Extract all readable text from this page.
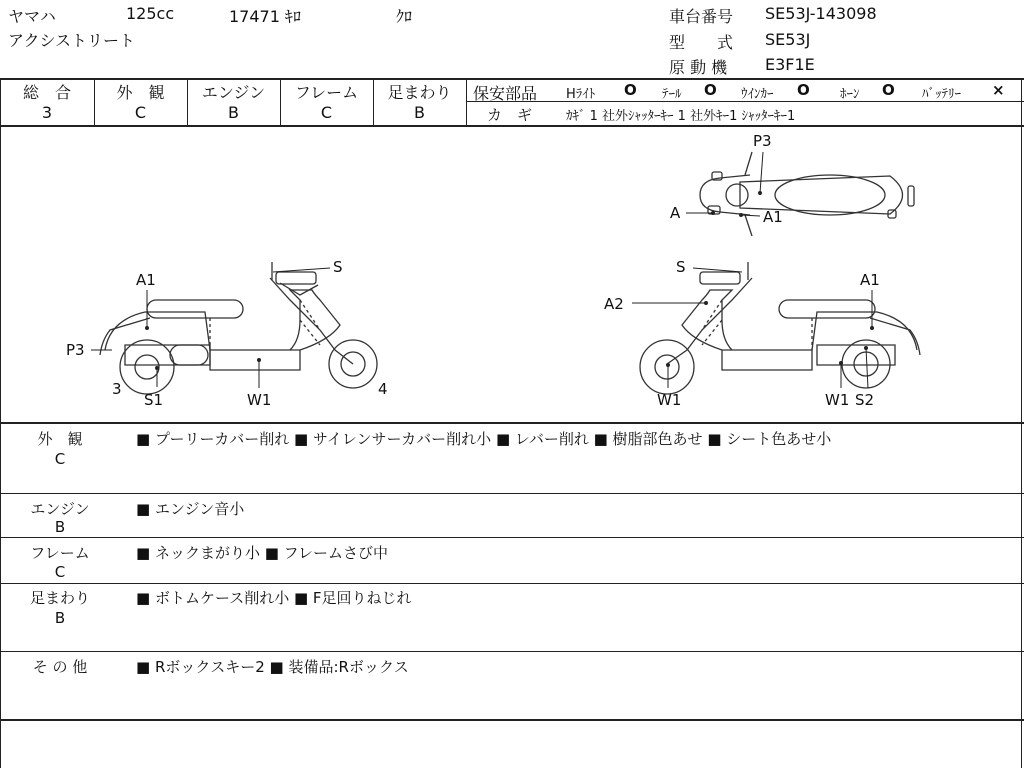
ヤマハ	125cc	17471 ｷﾛ	ｸﾛ
アクシストリート
車台番号 SE53J-143098
型　　式 SE53J
原 動 機 E3F1E
総　合
3
外　観
C
エンジン
B
フレーム
C
足まわり
B
保安部品 Hﾗｲﾄ O ﾃｰﾙ O ｳｲﾝｶｰ O ﾎｰﾝ O ﾊﾞｯﾃﾘｰ ×
カ　ギ	ｶｷﾞ 1 社外ｼｬｯﾀｰｷｰ 1 社外ｷｰ1 ｼｬｯﾀｰｷｰ1
A1
P3
S
3
S1	W1
4
S
A1
A2
W1	W1 S2
P3
A	A1
外　観
C
■ プーリーカバー削れ ■ サイレンサーカバー削れ小 ■ レバー削れ ■ 樹脂部色あせ ■ シート色あせ小
エンジン
B
■ エンジン音小
フレーム
C
■ ネックまがり小 ■ フレームさび中
足まわり
B
■ ボトムケース削れ小 ■ F足回りねじれ
そ の 他	■ Rボックスキー2 ■ 装備品:Rボックス
